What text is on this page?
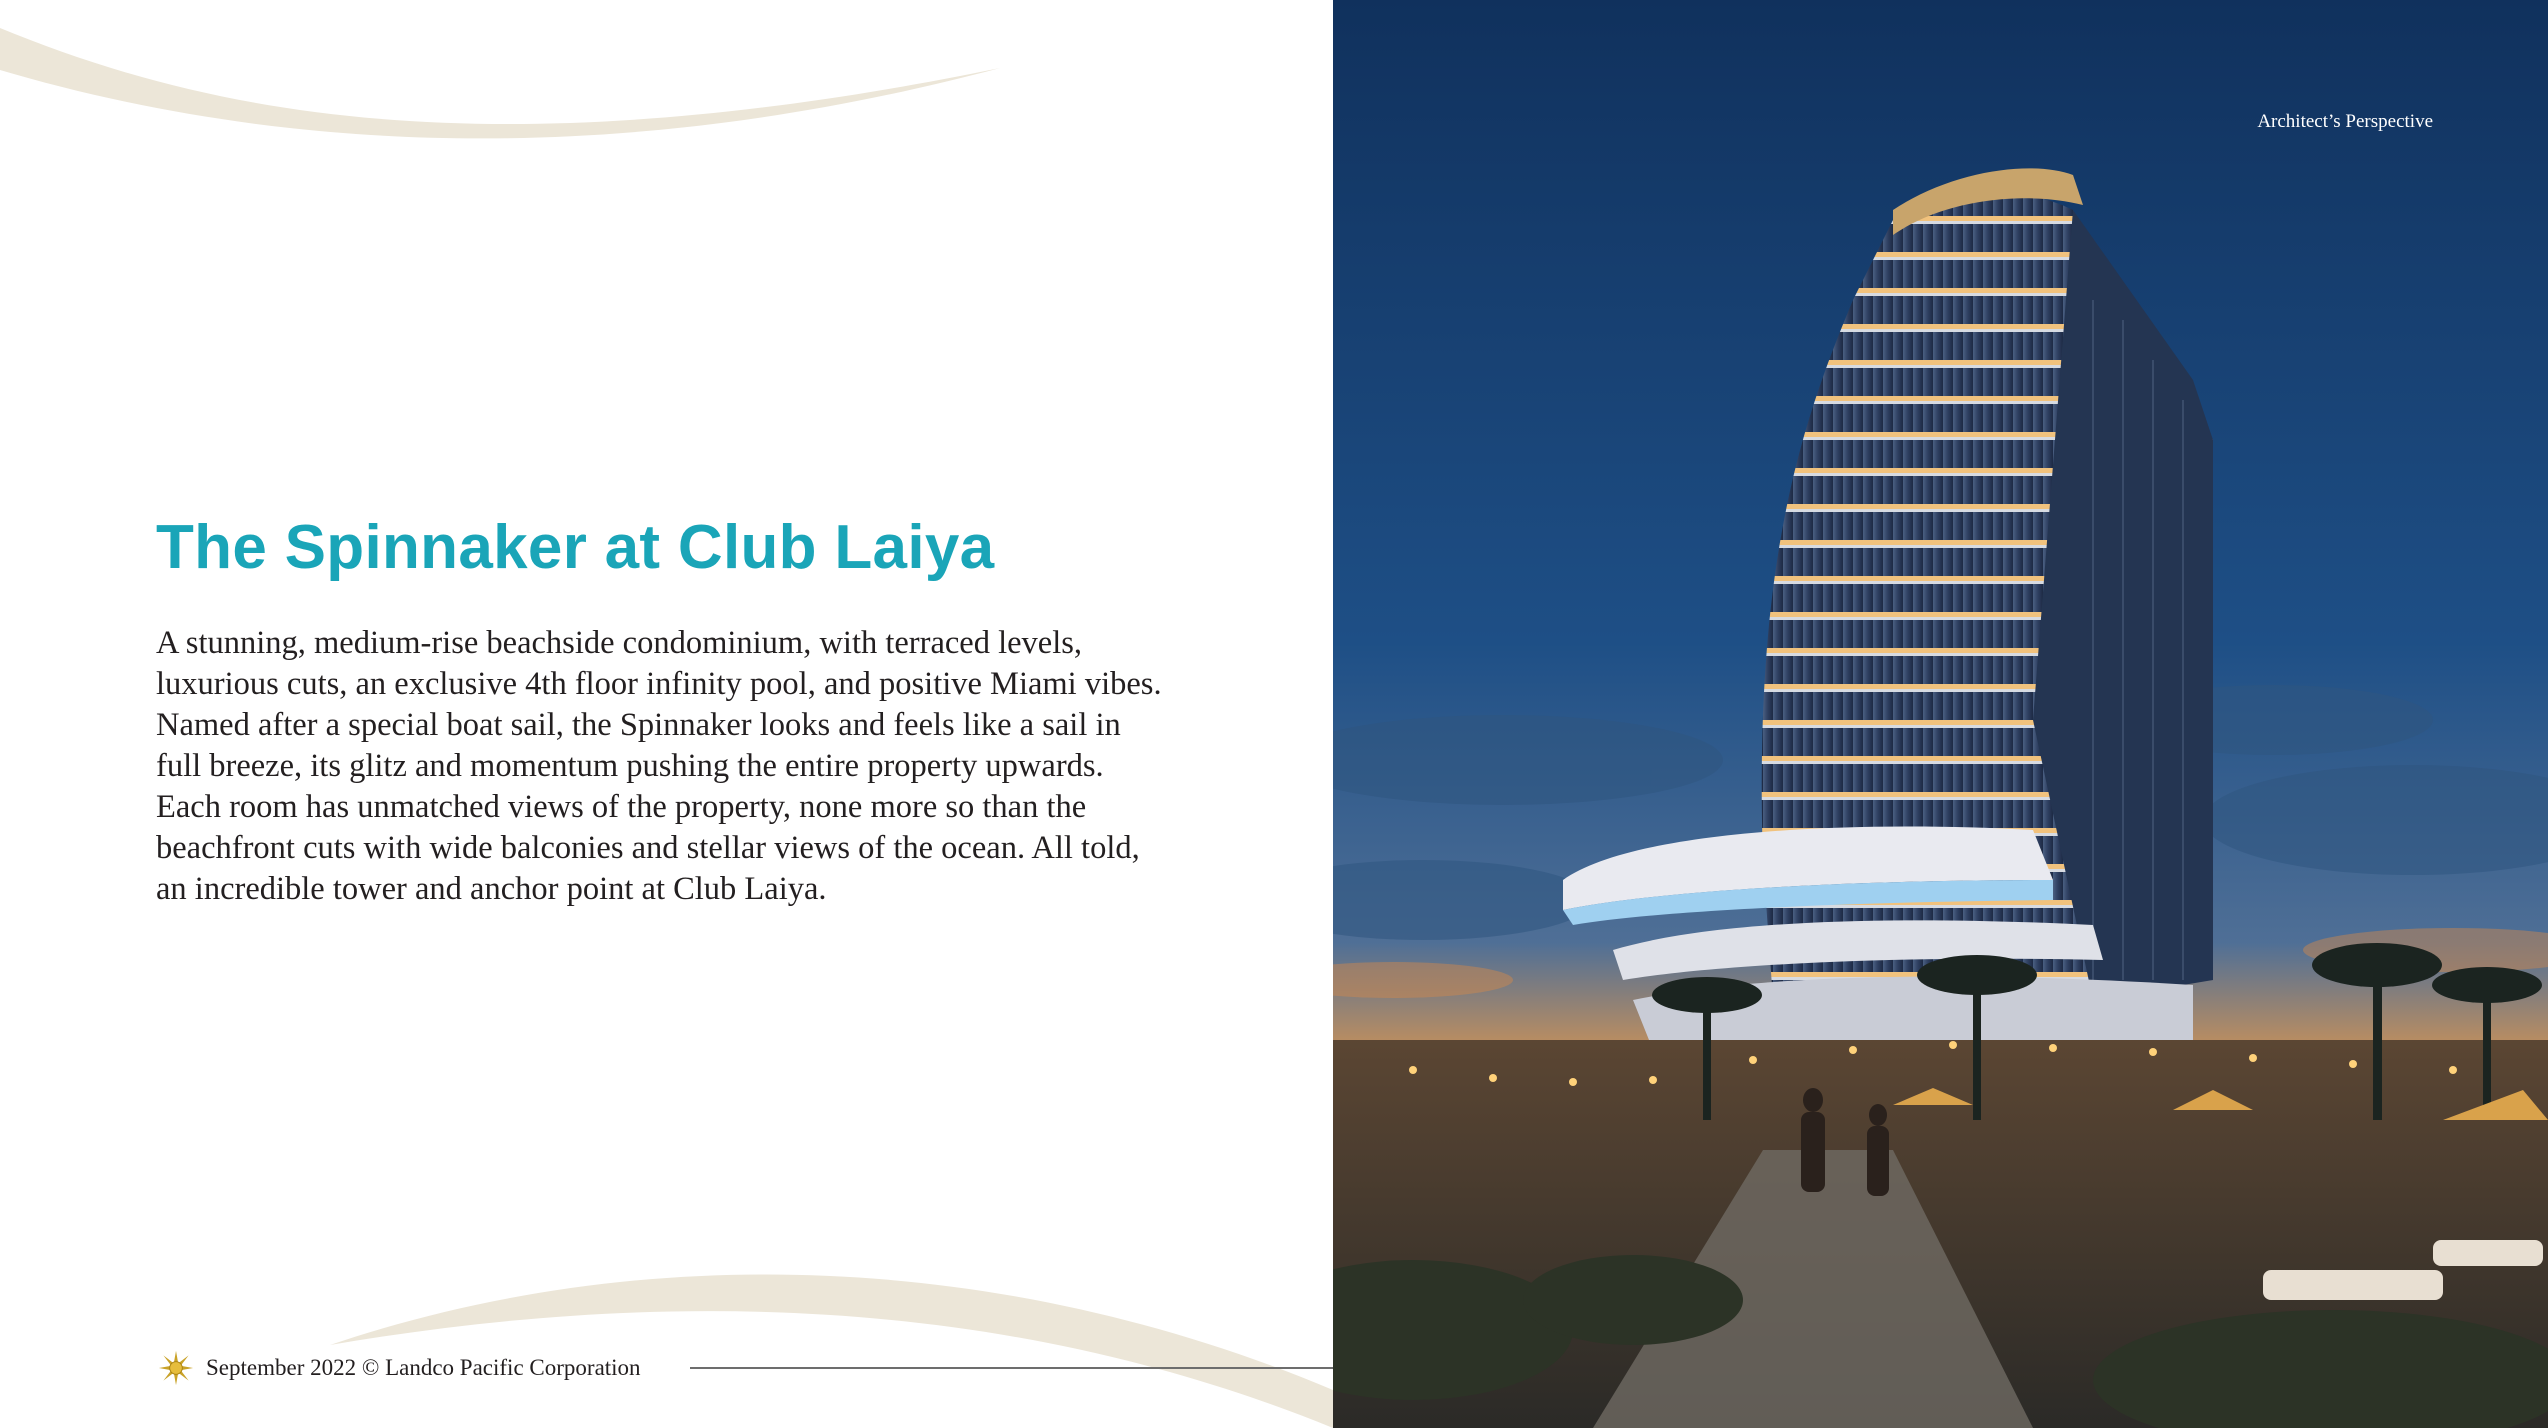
The Spinnaker at Club Laiya

A stunning, medium-rise beachside condominium, with terraced levels, luxurious cuts, an exclusive 4th floor infinity pool, and positive Miami vibes. Named after a special boat sail, the Spinnaker looks and feels like a sail in full breeze, its glitz and momentum pushing the entire property upwards. Each room has unmatched views of the property, none more so than the beachfront cuts with wide balconies and stellar views of the ocean. All told, an incredible tower and anchor point at Club Laiya.

September 2022 © Landco Pacific Corporation
Architect’s Perspective
